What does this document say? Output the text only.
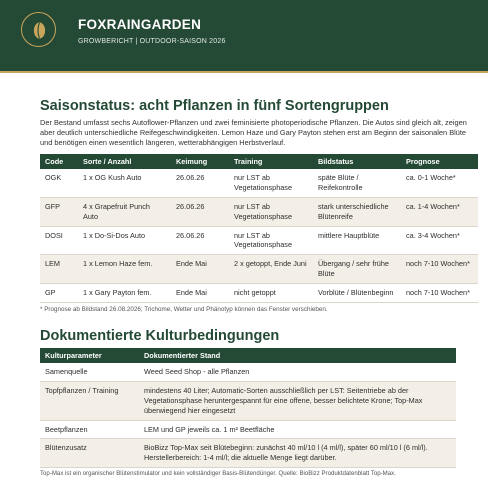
FOXRAINGARDEN
GROWBERICHT | OUTDOOR-SAISON 2026
Saisonstatus: acht Pflanzen in fünf Sortengruppen

Der Bestand umfasst sechs Autoflower-Pflanzen und zwei feminisierte photoperiodische Pflanzen. Die Autos sind gleich alt, zeigen aber deutlich unterschiedliche Reifegeschwindigkeiten. Lemon Haze und Gary Payton stehen erst am Beginn der saisonalen Blüte und benötigen einen wesentlich längeren, wetterabhängigen Herbstverlauf.

Code	Sorte / Anzahl	Keimung	Training	Bildstatus	Prognose
OGK	1 x OG Kush Auto	26.06.26	nur LST ab Vegetationsphase	späte Blüte / Reifekontrolle	ca. 0-1 Woche*
GFP	4 x Grapefruit Punch Auto	26.06.26	nur LST ab Vegetationsphase	stark unterschiedliche Blütenreife	ca. 1-4 Wochen*
DOSI	1 x Do-Si-Dos Auto	26.06.26	nur LST ab Vegetationsphase	mittlere Hauptblüte	ca. 3-4 Wochen*
LEM	1 x Lemon Haze fem.	Ende Mai	2 x getoppt, Ende Juni	Übergang / sehr frühe Blüte	noch 7-10 Wochen*
GP	1 x Gary Payton fem.	Ende Mai	nicht getoppt	Vorblüte / Blütenbeginn	noch 7-10 Wochen*
* Prognose ab Bildstand 26.08.2026; Trichome, Wetter und Phänotyp können das Fenster verschieben.
Dokumentierte Kulturbedingungen
Kulturparameter	Dokumentierter Stand
Samenquelle	Weed Seed Shop - alle Pflanzen
Topfpflanzen / Training	mindestens 40 Liter; Automatic-Sorten ausschließlich per LST: Seitentriebe ab der Vegetationsphase heruntergespannt für eine offene, besser belichtete Krone; Top-Max überwiegend hier eingesetzt
Beetpflanzen	LEM und GP jeweils ca. 1 m² Beetfläche
Blütenzusatz	BioBizz Top-Max seit Blütebeginn: zunächst 40 ml/10 l (4 ml/l), später 60 ml/10 l (6 ml/l). Herstellerbereich: 1-4 ml/l; die aktuelle Menge liegt darüber.
Top-Max ist ein organischer Blütenstimulator und kein vollständiger Basis-Blütendünger. Quelle: BioBizz Produktdatenblatt Top-Max.
